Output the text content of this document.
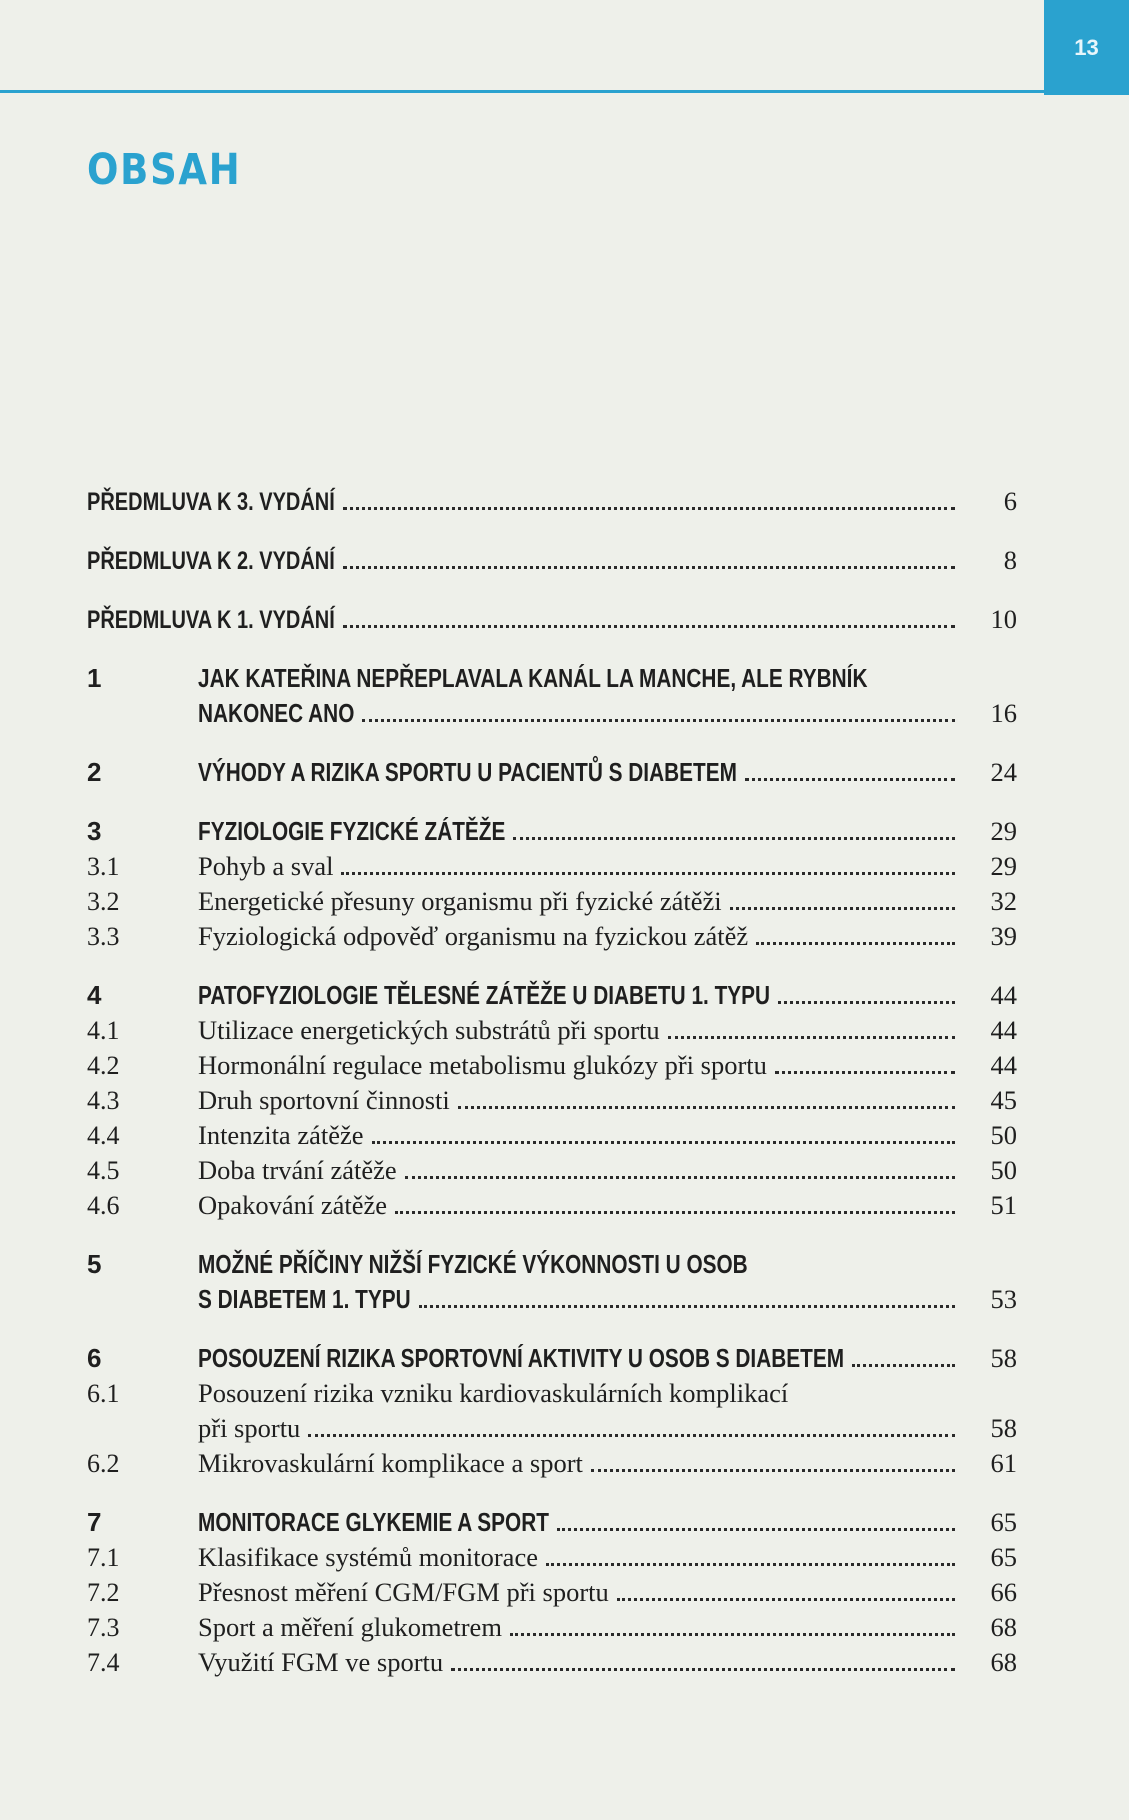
13
OBSAH
PŘEDMLUVA K 3. VYDÁNÍ	6
PŘEDMLUVA K 2. VYDÁNÍ	8
PŘEDMLUVA K 1. VYDÁNÍ	10
1	JAK KATEŘINA NEPŘEPLAVALA KANÁL LA MANCHE, ALE RYBNÍK
NAKONEC ANO	16
2	VÝHODY A RIZIKA SPORTU U PACIENTŮ S DIABETEM	24
3	FYZIOLOGIE FYZICKÉ ZÁTĚŽE	29
3.1	Pohyb a sval	29
3.2	Energetické přesuny organismu při fyzické zátěži	32
3.3	Fyziologická odpověď organismu na fyzickou zátěž	39
4	PATOFYZIOLOGIE TĚLESNÉ ZÁTĚŽE U DIABETU 1. TYPU	44
4.1	Utilizace energetických substrátů při sportu	44
4.2	Hormonální regulace metabolismu glukózy při sportu	44
4.3	Druh sportovní činnosti	45
4.4	Intenzita zátěže	50
4.5	Doba trvání zátěže	50
4.6	Opakování zátěže	51
5	MOŽNÉ PŘÍČINY NIŽŠÍ FYZICKÉ VÝKONNOSTI U OSOB
S DIABETEM 1. TYPU	53
6	POSOUZENÍ RIZIKA SPORTOVNÍ AKTIVITY U OSOB S DIABETEM	58
6.1	Posouzení rizika vzniku kardiovaskulárních komplikací
při sportu	58
6.2	Mikrovaskulární komplikace a sport	61
7	MONITORACE GLYKEMIE A SPORT	65
7.1	Klasifikace systémů monitorace	65
7.2	Přesnost měření CGM/FGM při sportu	66
7.3	Sport a měření glukometrem	68
7.4	Využití FGM ve sportu	68
